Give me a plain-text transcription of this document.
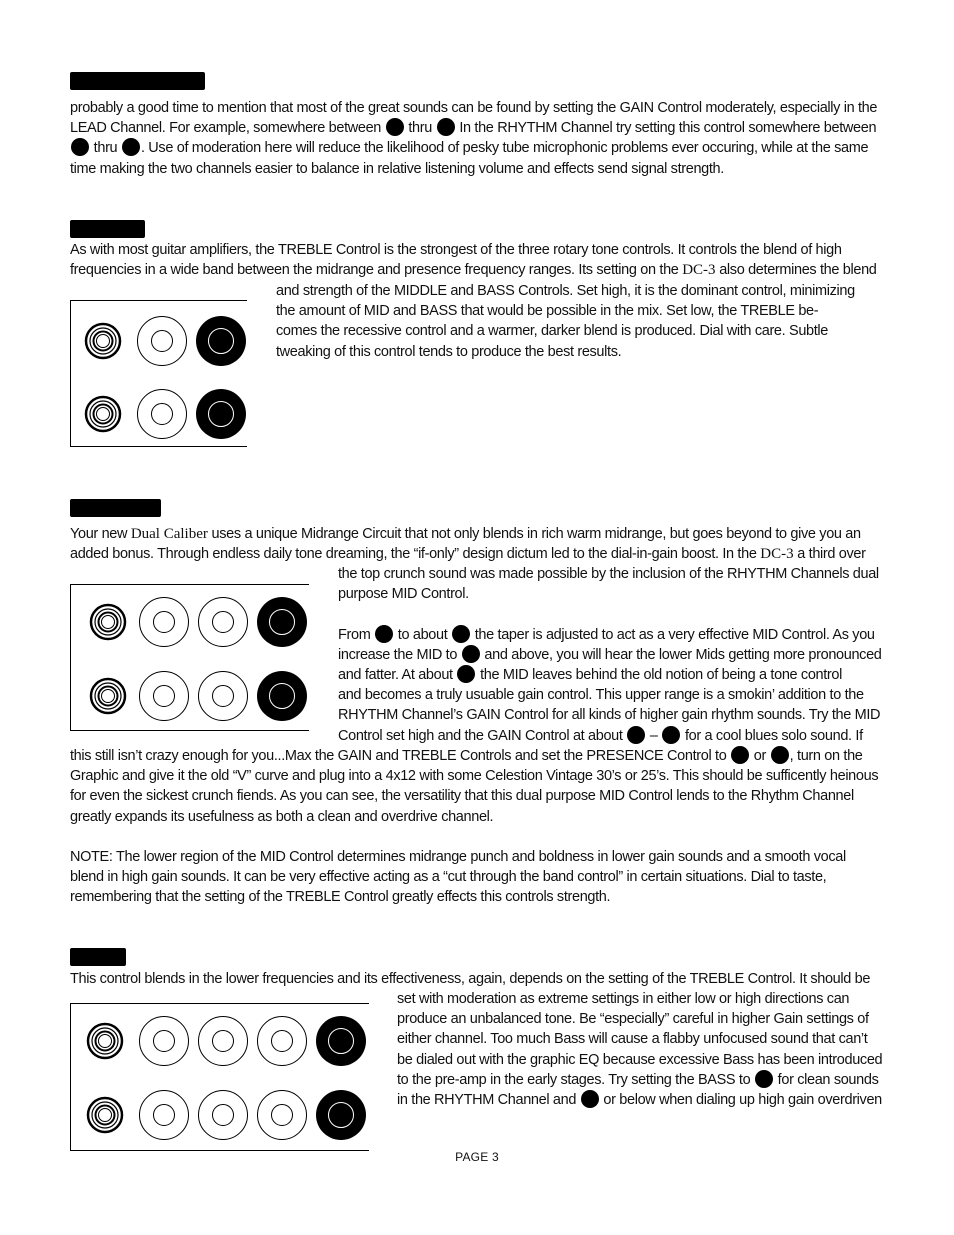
probably a good time to mention that most of the great sounds can be found by setting the GAIN Control moderately, especially in the
LEAD Channel. For example, somewhere between  thru  In the RHYTHM Channel try setting this control somewhere between
thru . Use of moderation here will reduce the likelihood of pesky tube microphonic problems ever occuring, while at the same
time making the two channels easier to balance in relative listening volume and effects send signal strength.
As with most guitar amplifiers, the TREBLE Control is the strongest of the three rotary tone controls. It controls the blend of high
frequencies in a wide band between the midrange and presence frequency ranges. Its setting on the DC-3 also determines the blend
and strength of the MIDDLE and BASS Controls. Set high, it is the dominant control, minimizing
the amount of MID and BASS that would be possible in the mix. Set low, the TREBLE be-
comes the recessive control and a warmer, darker blend is produced. Dial with care. Subtle
tweaking of this control tends to produce the best results.
Your new Dual Caliber uses a unique Midrange Circuit that not only blends in rich warm midrange, but goes beyond to give you an
added bonus. Through endless daily tone dreaming, the “if-only” design dictum led to the dial-in-gain boost. In the DC-3 a third over
the top crunch sound was made possible by the inclusion of the RHYTHM Channels dual
purpose MID Control.
From  to about  the taper is adjusted to act as a very effective MID Control. As you
increase the MID to  and above, you will hear the lower Mids getting more pronounced
and fatter. At about  the MID leaves behind the old notion of being a tone control
and becomes a truly usuable gain control. This upper range is a smokin’ addition to the
RHYTHM Channel’s GAIN Control for all kinds of higher gain rhythm sounds. Try the MID
Control set high and the GAIN Control at about  –  for a cool blues solo sound. If
this still isn’t crazy enough for you...Max the GAIN and TREBLE Controls and set the PRESENCE Control to  or , turn on the
Graphic and give it the old “V” curve and plug into a 4x12 with some Celestion Vintage 30’s or 25’s. This should be sufficently heinous
for even the sickest crunch fiends. As you can see, the versatility that this dual purpose MID Control lends to the Rhythm Channel
greatly expands its usefulness as both a clean and overdrive channel.
NOTE: The lower region of the MID Control determines midrange punch and boldness in lower gain sounds and a smooth vocal
blend in high gain sounds. It can be very effective acting as a “cut through the band control” in certain situations. Dial to taste,
remembering that the setting of the TREBLE Control greatly effects this controls strength.
This control blends in the lower frequencies and its effectiveness, again, depends on the setting of the TREBLE Control. It should be
set with moderation as extreme settings in either low or high directions can
produce an unbalanced tone. Be “especially” careful in higher Gain settings of
either channel. Too much Bass will cause a flabby unfocused sound that can’t
be dialed out with the graphic EQ because excessive Bass has been introduced
to the pre-amp in the early stages. Try setting the BASS to  for clean sounds
in the RHYTHM Channel and  or below when dialing up high gain overdriven
PAGE 3
